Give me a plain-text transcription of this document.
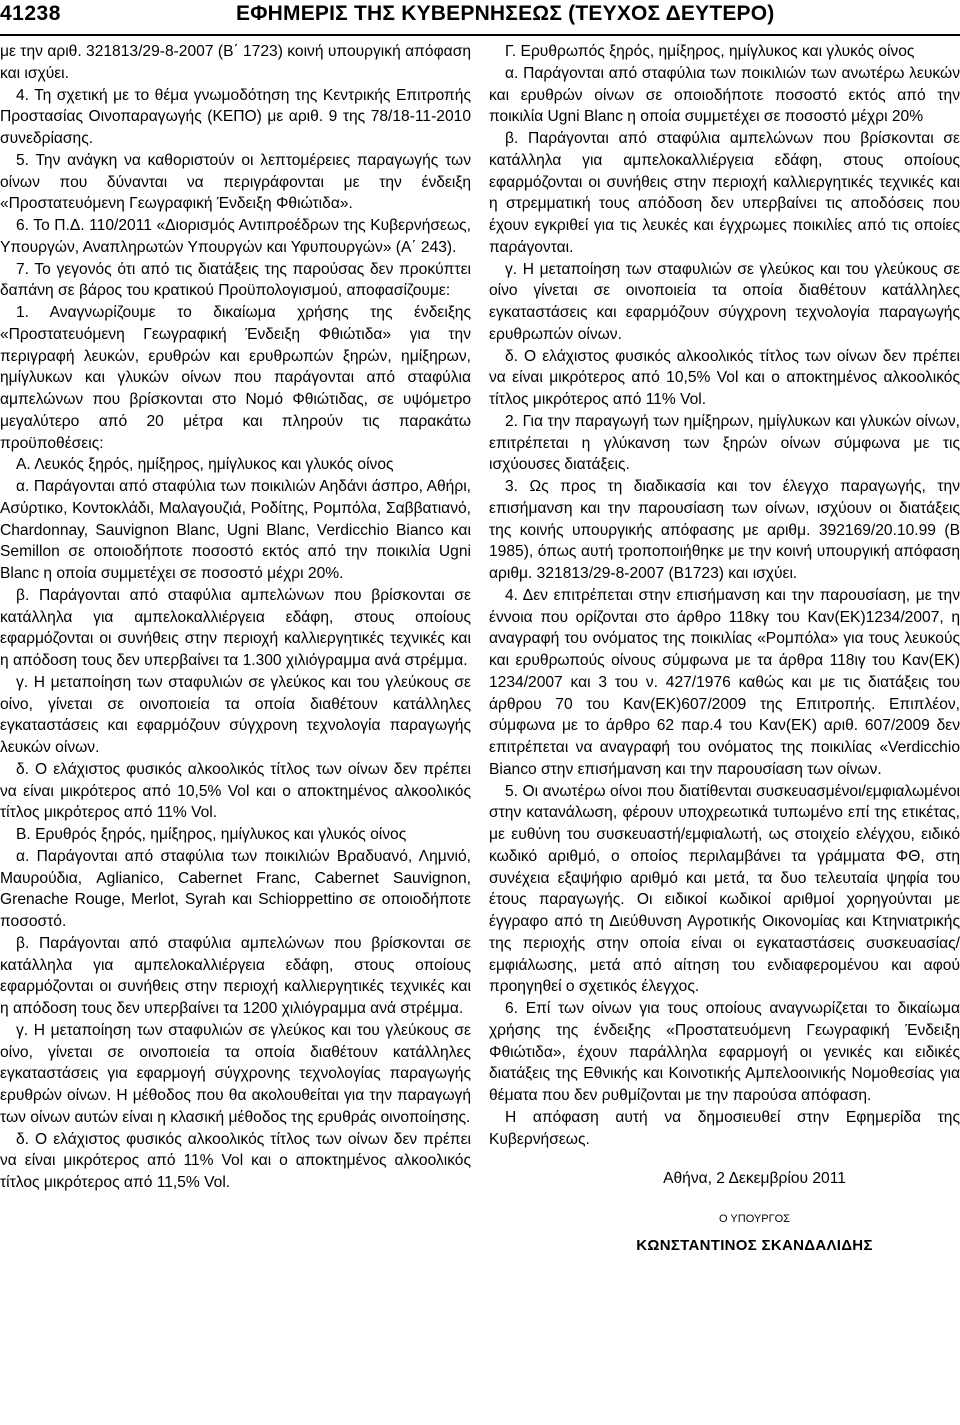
41238	ΕΦΗΜΕΡΙΣ ΤΗΣ ΚΥΒΕΡΝΗΣΕΩΣ (ΤΕΥΧΟΣ ΔΕΥΤΕΡΟ)

με την αριθ. 321813/29-8-2007 (Β΄ 1723) κοινή υπουργική απόφαση και ισχύει.

4. Τη σχετική με το θέμα γνωμοδότηση της Κεντρικής Επιτροπής Προστασίας Οινοπαραγωγής (ΚΕΠΟ) με αριθ. 9 της 78/18-11-2010 συνεδρίασης.

5. Την ανάγκη να καθοριστούν οι λεπτομέρειες παραγωγής των οίνων που δύνανται να περιγράφονται με την ένδειξη «Προστατευόμενη Γεωγραφική Ένδειξη Φθιώτιδα».

6. Το Π.Δ. 110/2011 «Διορισμός Αντιπροέδρων της Κυβερνήσεως, Υπουργών, Αναπληρωτών Υπουργών και Υφυπουργών» (Α΄ 243).

7. Το γεγονός ότι από τις διατάξεις της παρούσας δεν προκύπτει δαπάνη σε βάρος του κρατικού Προϋπολογισμού, αποφασίζουμε:

1. Αναγνωρίζουμε το δικαίωμα χρήσης της ένδειξης «Προστατευόμενη Γεωγραφική Ένδειξη Φθιώτιδα» για την περιγραφή λευκών, ερυθρών και ερυθρωπών ξηρών, ημίξηρων, ημίγλυκων και γλυκών οίνων που παράγονται από σταφύλια αμπελώνων που βρίσκονται στο Νομό Φθιώτιδας, σε υψόμετρο μεγαλύτερο από 20 μέτρα και πληρούν τις παρακάτω προϋποθέσεις:

Α. Λευκός ξηρός, ημίξηρος, ημίγλυκος και γλυκός οίνος

α. Παράγονται από σταφύλια των ποικιλιών Αηδάνι άσπρο, Αθήρι, Ασύρτικο, Κοντοκλάδι, Μαλαγουζιά, Ροδίτης, Ρομπόλα, Σαββατιανό, Chardonnay, Sauvignon Blanc, Ugni Blanc, Verdicchio Bianco και Semillon σε οποιοδήποτε ποσοστό εκτός από την ποικιλία Ugni Blanc η οποία συμμετέχει σε ποσοστό μέχρι 20%.

β. Παράγονται από σταφύλια αμπελώνων που βρίσκονται σε κατάλληλα για αμπελοκαλλιέργεια εδάφη, στους οποίους εφαρμόζονται οι συνήθεις στην περιοχή καλλιεργητικές τεχνικές και η απόδοση τους δεν υπερβαίνει τα 1.300 χιλιόγραμμα ανά στρέμμα.

γ. Η μεταποίηση των σταφυλιών σε γλεύκος και του γλεύκους σε οίνο, γίνεται σε οινοποιεία τα οποία διαθέτουν κατάλληλες εγκαταστάσεις και εφαρμόζουν σύγχρονη τεχνολογία παραγωγής λευκών οίνων.

δ. Ο ελάχιστος φυσικός αλκοολικός τίτλος των οίνων δεν πρέπει να είναι μικρότερος από 10,5% Vol και ο αποκτημένος αλκοολικός τίτλος μικρότερος από 11% Vol.

Β. Ερυθρός ξηρός, ημίξηρος, ημίγλυκος και γλυκός οίνος

α. Παράγονται από σταφύλια των ποικιλιών Βραδυανό, Λημνιό, Μαυρούδια, Aglianico, Cabernet Franc, Cabernet Sauvignon, Grenache Rouge, Merlot, Syrah και Schioppettino σε οποιοδήποτε ποσοστό.

β. Παράγονται από σταφύλια αμπελώνων που βρίσκονται σε κατάλληλα για αμπελοκαλλιέργεια εδάφη, στους οποίους εφαρμόζονται οι συνήθεις στην περιοχή καλλιεργητικές τεχνικές και η απόδοση τους δεν υπερβαίνει τα 1200 χιλιόγραμμα ανά στρέμμα.

γ. Η μεταποίηση των σταφυλιών σε γλεύκος και του γλεύκους σε οίνο, γίνεται σε οινοποιεία τα οποία διαθέτουν κατάλληλες εγκαταστάσεις για εφαρμογή σύγχρονης τεχνολογίας παραγωγής ερυθρών οίνων. Η μέθοδος που θα ακολουθείται για την παραγωγή των οίνων αυτών είναι η κλασική μέθοδος της ερυθράς οινοποίησης.

δ. Ο ελάχιστος φυσικός αλκοολικός τίτλος των οίνων δεν πρέπει να είναι μικρότερος από 11% Vol και ο αποκτημένος αλκοολικός τίτλος μικρότερος από 11,5% Vol.

Γ. Ερυθρωπός ξηρός, ημίξηρος, ημίγλυκος και γλυκός οίνος

α. Παράγονται από σταφύλια των ποικιλιών των ανωτέρω λευκών και ερυθρών οίνων σε οποιοδήποτε ποσοστό εκτός από την ποικιλία Ugni Blanc η οποία συμμετέχει σε ποσοστό μέχρι 20%

β. Παράγονται από σταφύλια αμπελώνων που βρίσκονται σε κατάλληλα για αμπελοκαλλιέργεια εδάφη, στους οποίους εφαρμόζονται οι συνήθεις στην περιοχή καλλιεργητικές τεχνικές και η στρεμματική τους απόδοση δεν υπερβαίνει τις αποδόσεις που έχουν εγκριθεί για τις λευκές και έγχρωμες ποικιλίες από τις οποίες παράγονται.

γ. Η μεταποίηση των σταφυλιών σε γλεύκος και του γλεύκους σε οίνο γίνεται σε οινοποιεία τα οποία διαθέτουν κατάλληλες εγκαταστάσεις και εφαρμόζουν σύγχρονη τεχνολογία παραγωγής ερυθρωπών οίνων.

δ. Ο ελάχιστος φυσικός αλκοολικός τίτλος των οίνων δεν πρέπει να είναι μικρότερος από 10,5% Vol και ο αποκτημένος αλκοολικός τίτλος μικρότερος από 11% Vol.

2. Για την παραγωγή των ημίξηρων, ημίγλυκων και γλυκών οίνων, επιτρέπεται η γλύκανση των ξηρών οίνων σύμφωνα με τις ισχύουσες διατάξεις.

3. Ως προς τη διαδικασία και τον έλεγχο παραγωγής, την επισήμανση και την παρουσίαση των οίνων, ισχύουν οι διατάξεις της κοινής υπουργικής απόφασης με αριθμ. 392169/20.10.99 (Β 1985), όπως αυτή τροποποιήθηκε με την κοινή υπουργική απόφαση αριθμ. 321813/29-8-2007 (Β1723) και ισχύει.

4. Δεν επιτρέπεται στην επισήμανση και την παρουσίαση, με την έννοια που ορίζονται στο άρθρο 118κγ του Καν(ΕΚ)1234/2007, η αναγραφή του ονόματος της ποικιλίας «Ρομπόλα» για τους λευκούς και ερυθρωπούς οίνους σύμφωνα με τα άρθρα 118ιγ του Καν(ΕΚ) 1234/2007 και 3 του ν. 427/1976 καθώς και με τις διατάξεις του άρθρου 70 του Καν(ΕΚ)607/2009 της Επιτροπής. Επιπλέον, σύμφωνα με το άρθρο 62 παρ.4 του Καν(ΕΚ) αριθ. 607/2009 δεν επιτρέπεται να αναγραφή του ονόματος της ποικιλίας «Verdicchio Bianco στην επισήμανση και την παρουσίαση των οίνων.

5. Οι ανωτέρω οίνοι που διατίθενται συσκευασμένοι/εμφιαλωμένοι στην κατανάλωση, φέρουν υποχρεωτικά τυπωμένο επί της ετικέτας, με ευθύνη του συσκευαστή/εμφιαλωτή, ως στοιχείο ελέγχου, ειδικό κωδικό αριθμό, ο οποίος περιλαμβάνει τα γράμματα ΦΘ, στη συνέχεια εξαψήφιο αριθμό και μετά, τα δυο τελευταία ψηφία του έτους παραγωγής. Οι ειδικοί κωδικοί αριθμοί χορηγούνται με έγγραφο από τη Διεύθυνση Αγροτικής Οικονομίας και Κτηνιατρικής της περιοχής στην οποία είναι οι εγκαταστάσεις συσκευασίας/εμφιάλωσης, μετά από αίτηση του ενδιαφερομένου και αφού προηγηθεί ο σχετικός έλεγχος.

6. Επί των οίνων για τους οποίους αναγνωρίζεται το δικαίωμα χρήσης της ένδειξης «Προστατευόμενη Γεωγραφική Ένδειξη Φθιώτιδα», έχουν παράλληλα εφαρμογή οι γενικές και ειδικές διατάξεις της Εθνικής και Κοινοτικής Αμπελοοινικής Νομοθεσίας για θέματα που δεν ρυθμίζονται με την παρούσα απόφαση.

Η απόφαση αυτή να δημοσιευθεί στην Εφημερίδα της Κυβερνήσεως.

Αθήνα, 2 Δεκεμβρίου 2011
Ο ΥΠΟΥΡΓΟΣ
ΚΩΝΣΤΑΝΤΙΝΟΣ ΣΚΑΝΔΑΛΙΔΗΣ
